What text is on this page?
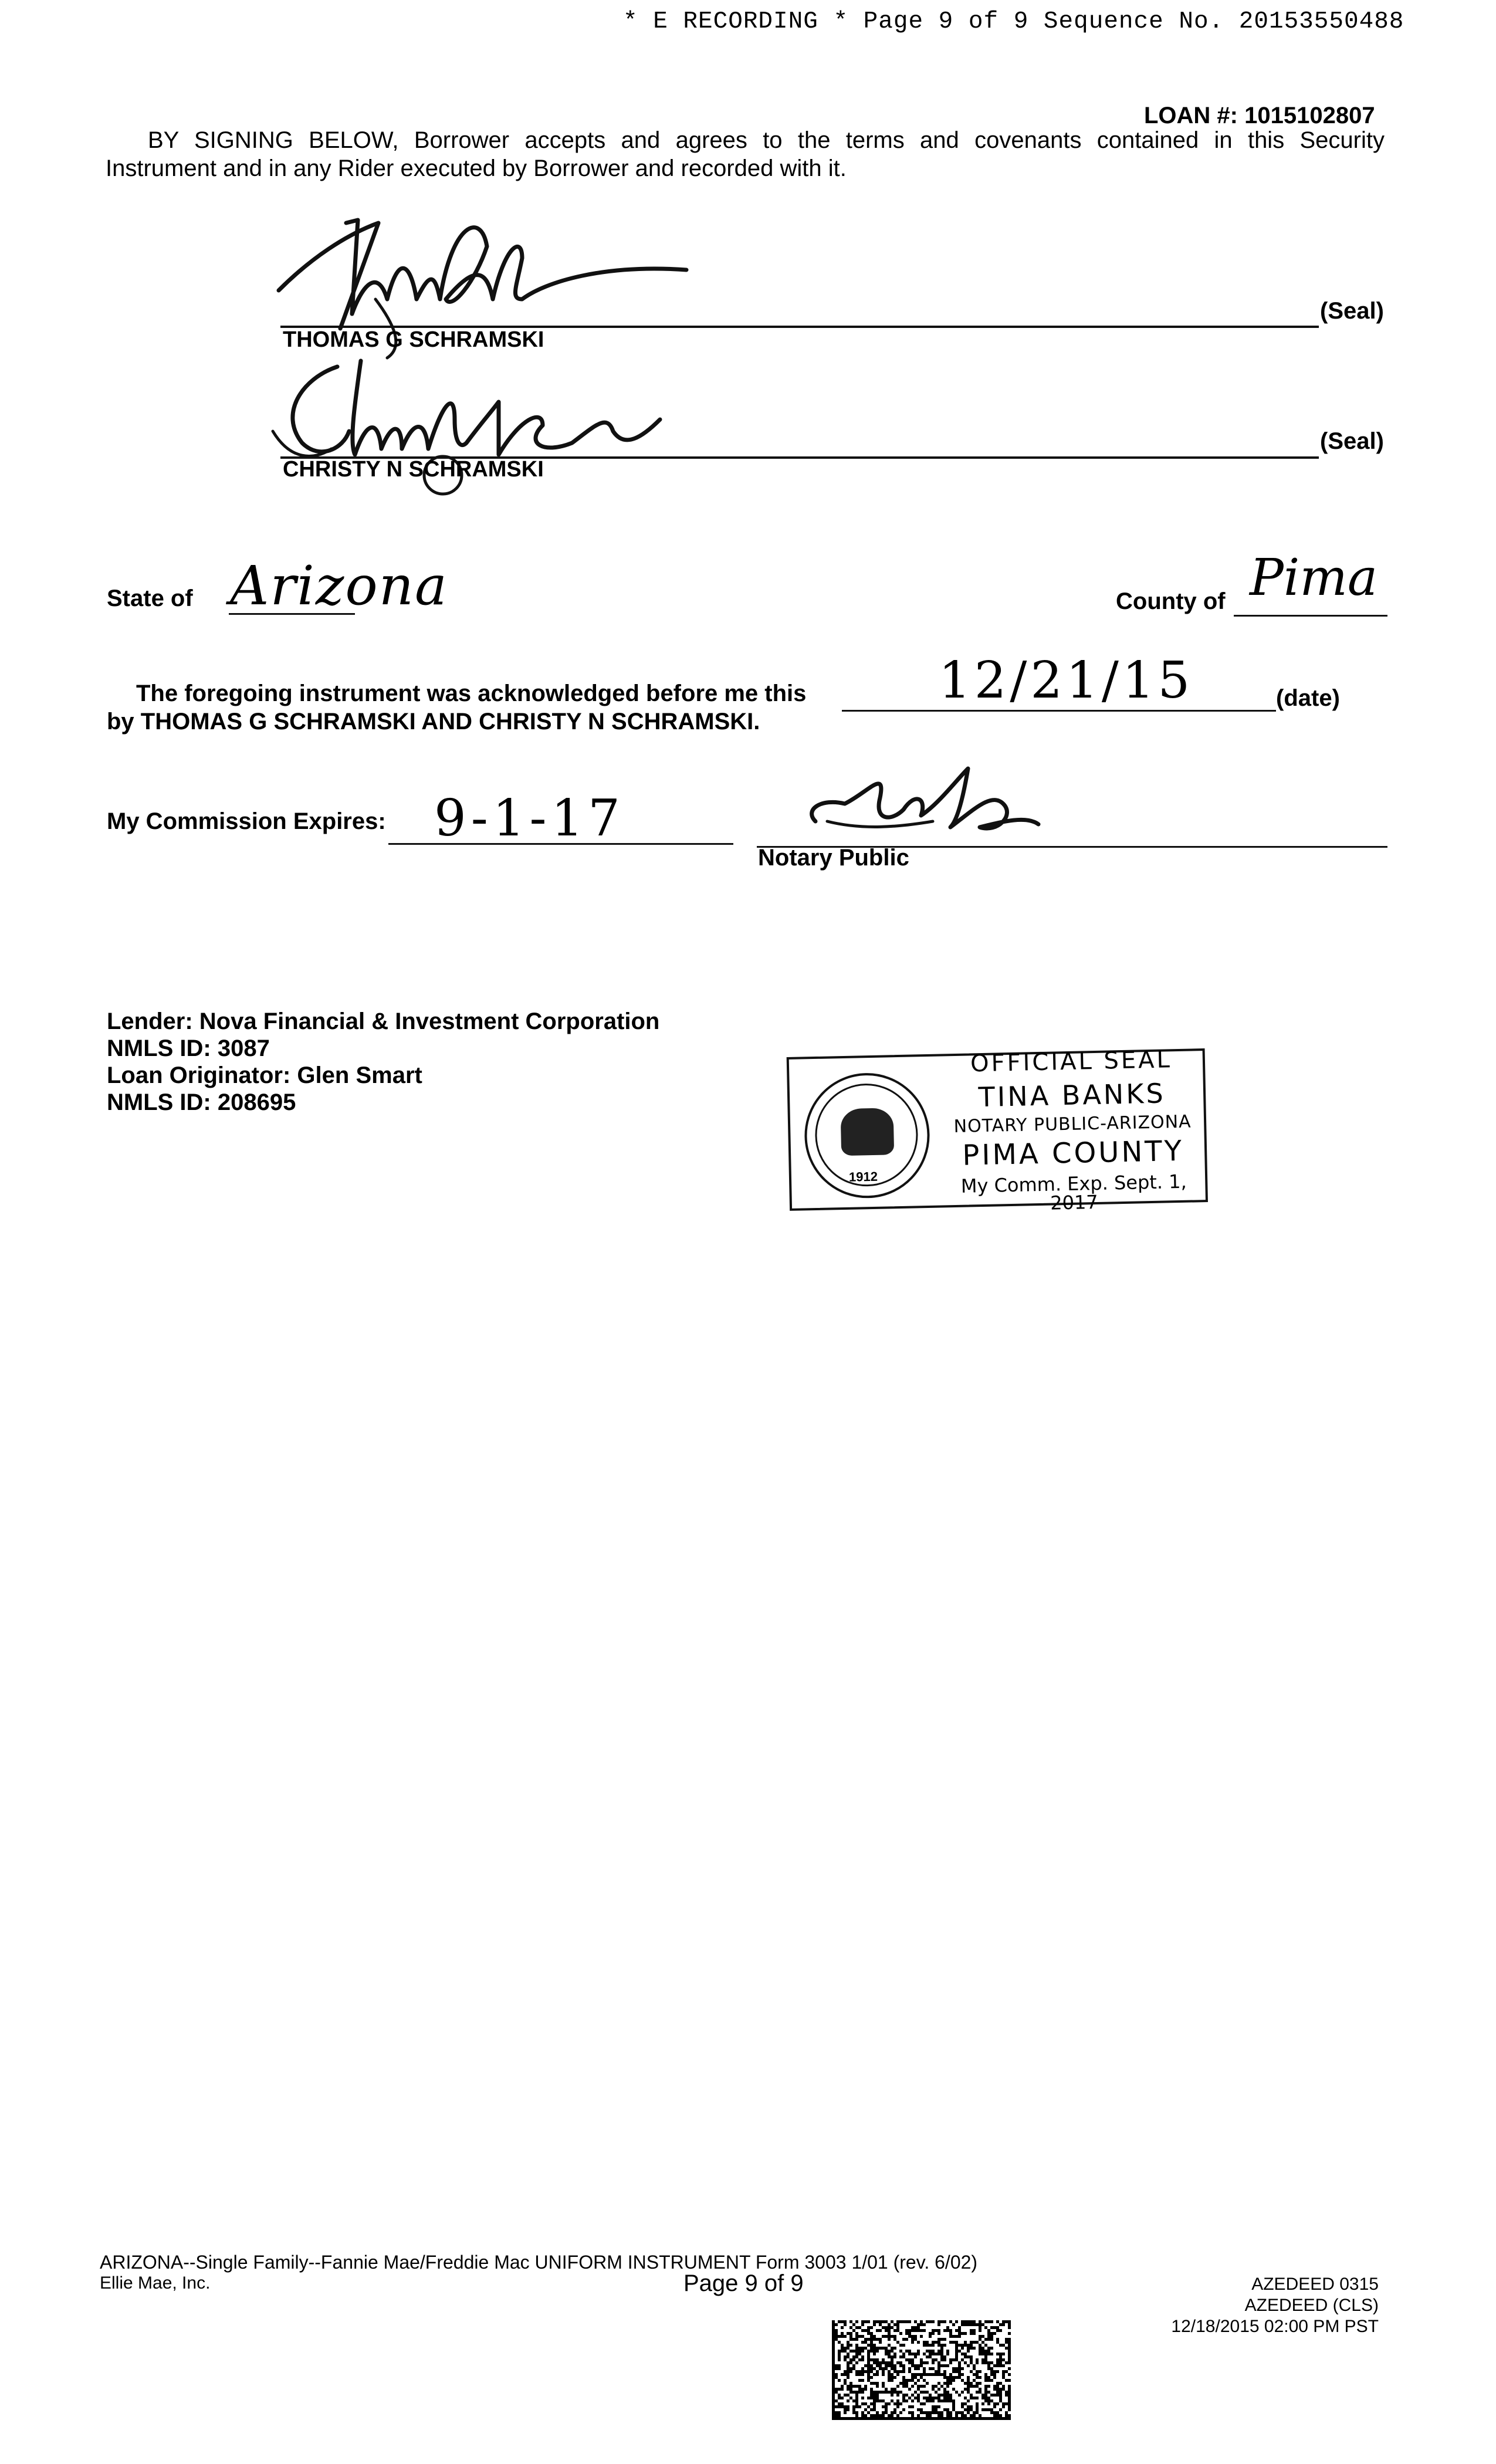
* E RECORDING * Page 9 of 9 Sequence No. 20153550488
LOAN #: 1015102807
BY SIGNING BELOW, Borrower accepts and agrees to the terms and covenants contained in this Security
Instrument and in any Rider executed by Borrower and recorded with it.
THOMAS G SCHRAMSKI
(Seal)
CHRISTY N SCHRAMSKI
(Seal)
State of Arizona	County of Pima
The foregoing instrument was acknowledged before me this	12/21/15	(date)
by THOMAS G SCHRAMSKI AND CHRISTY N SCHRAMSKI.
My Commission Expires: 9-1-17
Notary Public
Lender: Nova Financial & Investment Corporation
NMLS ID: 3087
Loan Originator: Glen Smart
NMLS ID: 208695
1912
OFFICIAL SEAL
TINA BANKS
NOTARY PUBLIC-ARIZONA
PIMA COUNTY
My Comm. Exp. Sept. 1, 2017
ARIZONA--Single Family--Fannie Mae/Freddie Mac UNIFORM INSTRUMENT Form 3003 1/01 (rev. 6/02)
Ellie Mae, Inc.	Page 9 of 9	AZEDEED 0315
AZEDEED (CLS)
12/18/2015 02:00 PM PST
